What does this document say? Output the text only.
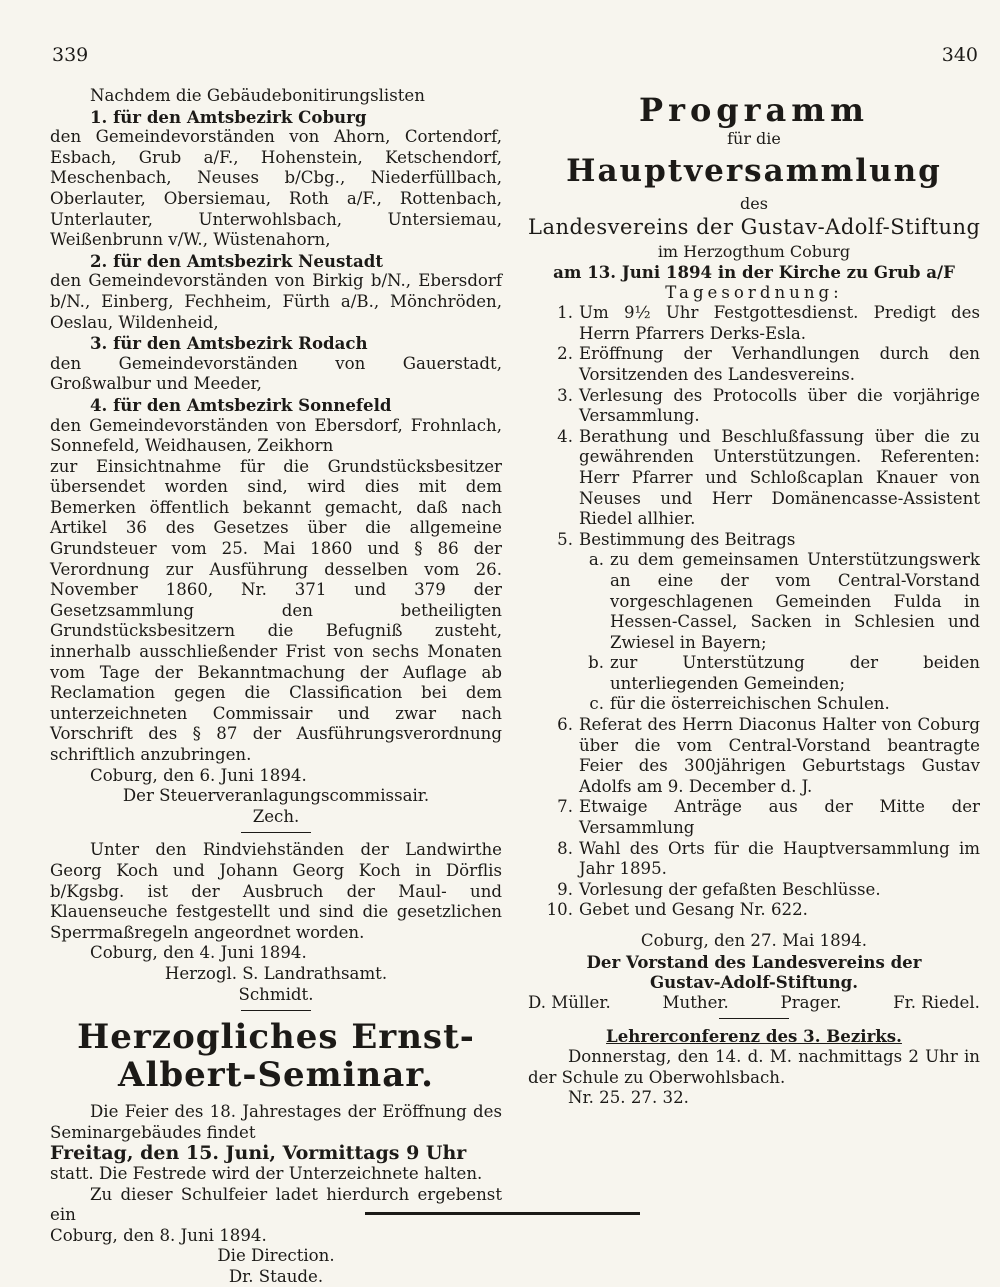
339	340

Nachdem die Gebäudebonitirungslisten

1. für den Amtsbezirk Coburg

den Gemeindevorständen von Ahorn, Cortendorf, Esbach, Grub a/F., Hohenstein, Ketschendorf, Meschenbach, Neuses b/Cbg., Niederfüllbach, Oberlauter, Obersiemau, Roth a/F., Rottenbach, Unterlauter, Unterwohlsbach, Untersiemau, Weißenbrunn v/W., Wüstenahorn,

2. für den Amtsbezirk Neustadt

den Gemeindevorständen von Birkig b/N., Ebersdorf b/N., Einberg, Fechheim, Fürth a/B., Mönchröden, Oeslau, Wildenheid,

3. für den Amtsbezirk Rodach

den Gemeindevorständen von Gauerstadt, Großwalbur und Meeder,

4. für den Amtsbezirk Sonnefeld

den Gemeindevorständen von Ebersdorf, Frohnlach, Sonnefeld, Weidhausen, Zeikhorn

zur Einsichtnahme für die Grundstücksbesitzer übersendet worden sind, wird dies mit dem Bemerken öffentlich bekannt gemacht, daß nach Artikel 36 des Gesetzes über die allgemeine Grundsteuer vom 25. Mai 1860 und § 86 der Verordnung zur Ausführung desselben vom 26. November 1860, Nr. 371 und 379 der Gesetzsammlung den betheiligten Grundstücksbesitzern die Befugniß zusteht, innerhalb ausschließender Frist von sechs Monaten vom Tage der Bekanntmachung der Auflage ab Reclamation gegen die Classification bei dem unterzeichneten Commissair und zwar nach Vorschrift des § 87 der Ausführungsverordnung schriftlich anzubringen.

Coburg, den 6. Juni 1894.

Der Steuerveranlagungscommissair.

Zech.

Unter den Rindviehständen der Landwirthe Georg Koch und Johann Georg Koch in Dörflis b/Kgsbg. ist der Ausbruch der Maul- und Klauenseuche festgestellt und sind die gesetzlichen Sperrmaßregeln angeordnet worden.

Coburg, den 4. Juni 1894.

Herzogl. S. Landrathsamt.

Schmidt.

Herzogliches Ernst-Albert-Seminar.

Die Feier des 18. Jahrestages der Eröffnung des Seminargebäudes findet

Freitag, den 15. Juni, Vormittags 9 Uhr

statt. Die Festrede wird der Unterzeichnete halten.

Zu dieser Schulfeier ladet hierdurch ergebenst ein

Coburg, den 8. Juni 1894.

Die Direction.

Dr. Staude.

Programm
für die
Hauptversammlung
des
Landesvereins der Gustav-Adolf-Stiftung
im Herzogthum Coburg
am 13. Juni 1894 in der Kirche zu Grub a/F
Tagesordnung:
1. Um 9½ Uhr Festgottesdienst. Predigt des Herrn Pfarrers Derks-Esla.
2. Eröffnung der Verhandlungen durch den Vorsitzenden des Landesvereins.
3. Verlesung des Protocolls über die vorjährige Versammlung.
4. Berathung und Beschlußfassung über die zu gewährenden Unterstützungen. Referenten: Herr Pfarrer und Schloßcaplan Knauer von Neuses und Herr Domänencasse-Assistent Riedel allhier.
5. Bestimmung des Beitrags
a. zu dem gemeinsamen Unterstützungswerk an eine der vom Central-Vorstand vorgeschlagenen Gemeinden Fulda in Hessen-Cassel, Sacken in Schlesien und Zwiesel in Bayern;
b. zur Unterstützung der beiden unterliegenden Gemeinden;
c. für die österreichischen Schulen.
6. Referat des Herrn Diaconus Halter von Coburg über die vom Central-Vorstand beantragte Feier des 300jährigen Geburtstags Gustav Adolfs am 9. December d. J.
7. Etwaige Anträge aus der Mitte der Versammlung
8. Wahl des Orts für die Hauptversammlung im Jahr 1895.
9. Vorlesung der gefaßten Beschlüsse.
10. Gebet und Gesang Nr. 622.

Coburg, den 27. Mai 1894.

Der Vorstand des Landesvereins der

Gustav-Adolf-Stiftung.

D. Müller.	Muther.	Prager.	Fr. Riedel.

Lehrerconferenz des 3. Bezirks.

Donnerstag, den 14. d. M. nachmittags 2 Uhr in der Schule zu Oberwohlsbach.

Nr. 25. 27. 32.
